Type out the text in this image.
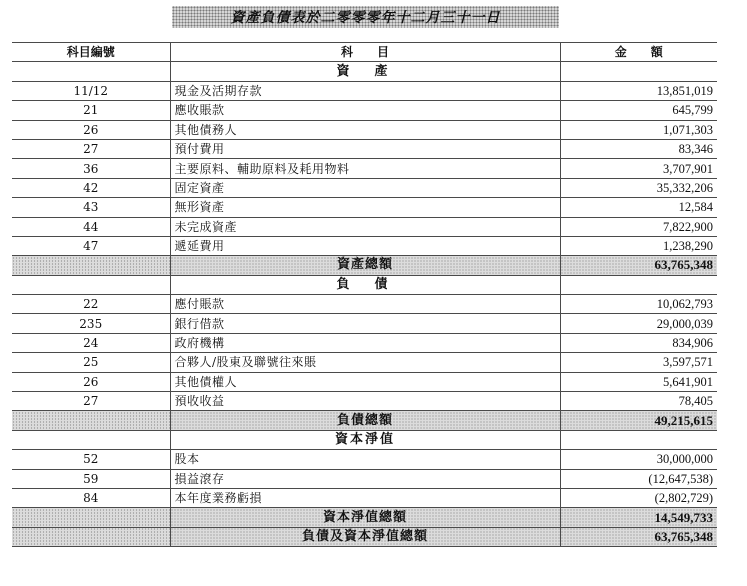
資產負債表於二零零零年十二月三十一日
科目編號	科　　目	金　　額
	資　產	
11/12	現金及活期存款	13,851,019
21	應收賬款	645,799
26	其他債務人	1,071,303
27	預付費用	83,346
36	主要原料、輔助原料及耗用物料	3,707,901
42	固定資產	35,332,206
43	無形資產	12,584
44	未完成資產	7,822,900
47	遞延費用	1,238,290
	資產總額	63,765,348
	負　債	
22	應付賬款	10,062,793
235	銀行借款	29,000,039
24	政府機構	834,906
25	合夥人/股東及聯號往來賬	3,597,571
26	其他債權人	5,641,901
27	預收收益	78,405
	負債總額	49,215,615
	資本淨值	
52	股本	30,000,000
59	損益滾存	(12,647,538)
84	本年度業務虧損	(2,802,729)
	資本淨值總額	14,549,733
	負債及資本淨值總額	63,765,348
